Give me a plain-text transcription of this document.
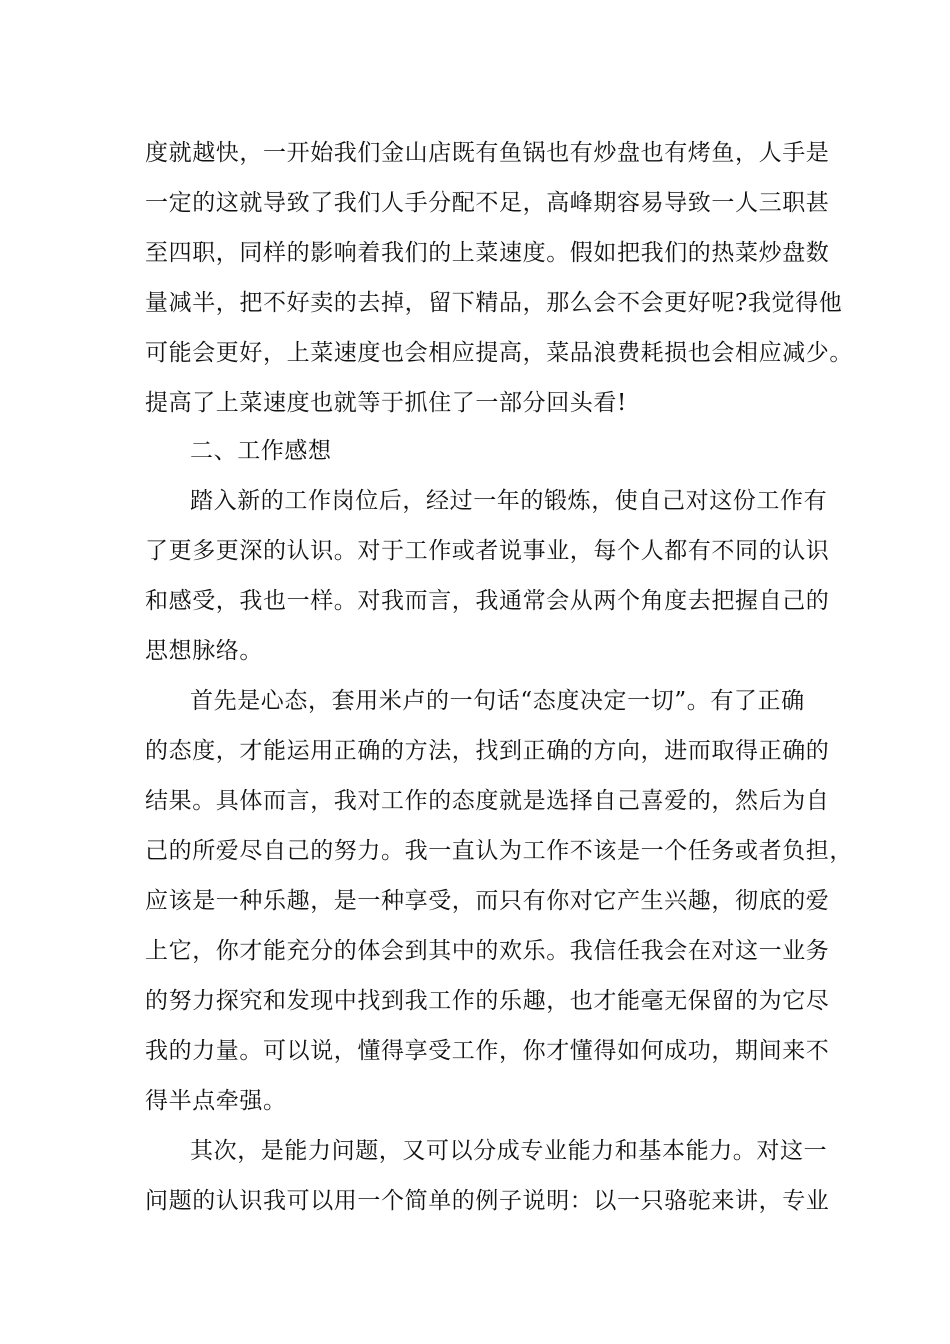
度就越快，一开始我们金山店既有鱼锅也有炒盘也有烤鱼，人手是
一定的这就导致了我们人手分配不足，高峰期容易导致一人三职甚
至四职，同样的影响着我们的上菜速度。假如把我们的热菜炒盘数
量减半，把不好卖的去掉，留下精品，那么会不会更好呢?我觉得他
可能会更好，上菜速度也会相应提高，菜品浪费耗损也会相应减少。
提高了上菜速度也就等于抓住了一部分回头看!
二、工作感想
踏入新的工作岗位后，经过一年的锻炼，使自己对这份工作有
了更多更深的认识。对于工作或者说事业，每个人都有不同的认识
和感受，我也一样。对我而言，我通常会从两个角度去把握自己的
思想脉络。
首先是心态，套用米卢的一句话“态度决定一切”。有了正确
的态度，才能运用正确的方法，找到正确的方向，进而取得正确的
结果。具体而言，我对工作的态度就是选择自己喜爱的，然后为自
己的所爱尽自己的努力。我一直认为工作不该是一个任务或者负担，
应该是一种乐趣，是一种享受，而只有你对它产生兴趣，彻底的爱
上它，你才能充分的体会到其中的欢乐。我信任我会在对这一业务
的努力探究和发现中找到我工作的乐趣，也才能毫无保留的为它尽
我的力量。可以说，懂得享受工作，你才懂得如何成功，期间来不
得半点牵强。
其次，是能力问题，又可以分成专业能力和基本能力。对这一
问题的认识我可以用一个简单的例子说明：以一只骆驼来讲，专业
